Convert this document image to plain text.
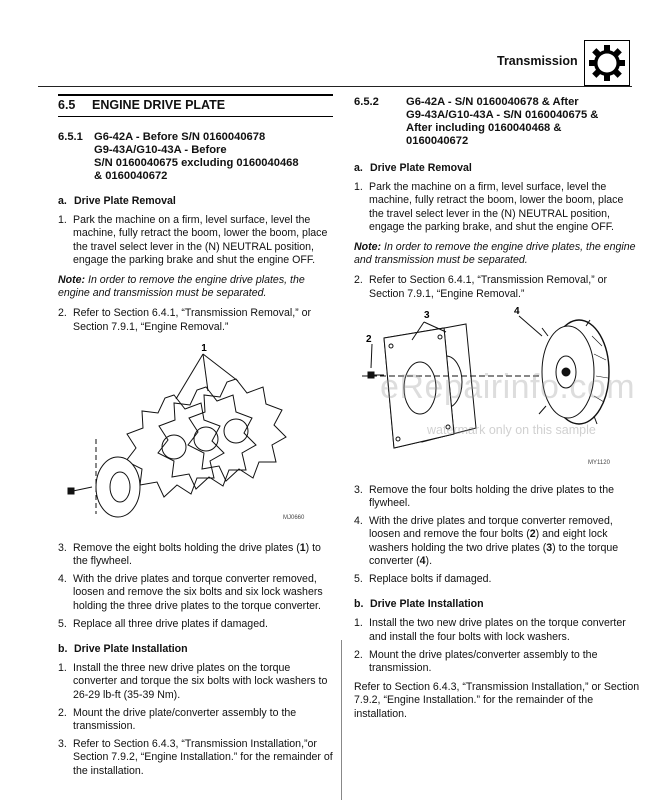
Transmission
6.5	ENGINE DRIVE PLATE
6.5.1 G6-42A - Before S/N 0160040678
G9-43A/G10-43A - Before
S/N 0160040675 excluding 0160040468
& 0160040672
a. Drive Plate Removal
1. Park the machine on a firm, level surface, level the machine, fully retract the boom, lower the boom, place the travel select lever in the (N) NEUTRAL position, engage the parking brake and shut the engine OFF.
Note: In order to remove the engine drive plates, the engine and transmission must be separated.
2. Refer to Section 6.4.1, “Transmission Removal,” or Section 7.9.1, “Engine Removal.”
1
MJ0660
3. Remove the eight bolts holding the drive plates (1) to the flywheel.
4. With the drive plates and torque converter removed, loosen and remove the six bolts and six lock washers holding the three drive plates to the torque converter.
5. Replace all three drive plates if damaged.
b. Drive Plate Installation
1. Install the three new drive plates on the torque converter and torque the six bolts with lock washers to 26-29 lb-ft (35-39 Nm).
2. Mount the drive plate/converter assembly to the transmission.
3. Refer to Section 6.4.3, “Transmission Installation,”or Section 7.9.2, “Engine Installation.” for the remainder of the installation.
6.5.2	G6-42A - S/N 0160040678 & After
G9-43A/G10-43A - S/N 0160040675 &
After including 0160040468 &
0160040672
a. Drive Plate Removal
1. Park the machine on a firm, level surface, level the machine, fully retract the boom, lower the boom, place the travel select lever in the (N) NEUTRAL position, engage the parking brake, and shut the engine OFF.
Note: In order to remove the engine drive plates, the engine and transmission must be separated.
2. Refer to Section 6.4.1, “Transmission Removal,” or Section 7.9.1, “Engine Removal.”
2
3	4
MY1120
3. Remove the four bolts holding the drive plates to the flywheel.
4. With the drive plates and torque converter removed, loosen and remove the four bolts (2) and eight lock washers holding the two drive plates (3) to the torque converter (4).
5. Replace bolts if damaged.
b. Drive Plate Installation
1. Install the two new drive plates on the torque converter and install the four bolts with lock washers.
2. Mount the drive plates/converter assembly to the transmission.
Refer to Section 6.4.3, “Transmission Installation,” or Section 7.9.2, “Engine Installation.” for the remainder of the installation.
eRepairinfo.com
watermark only on this sample
